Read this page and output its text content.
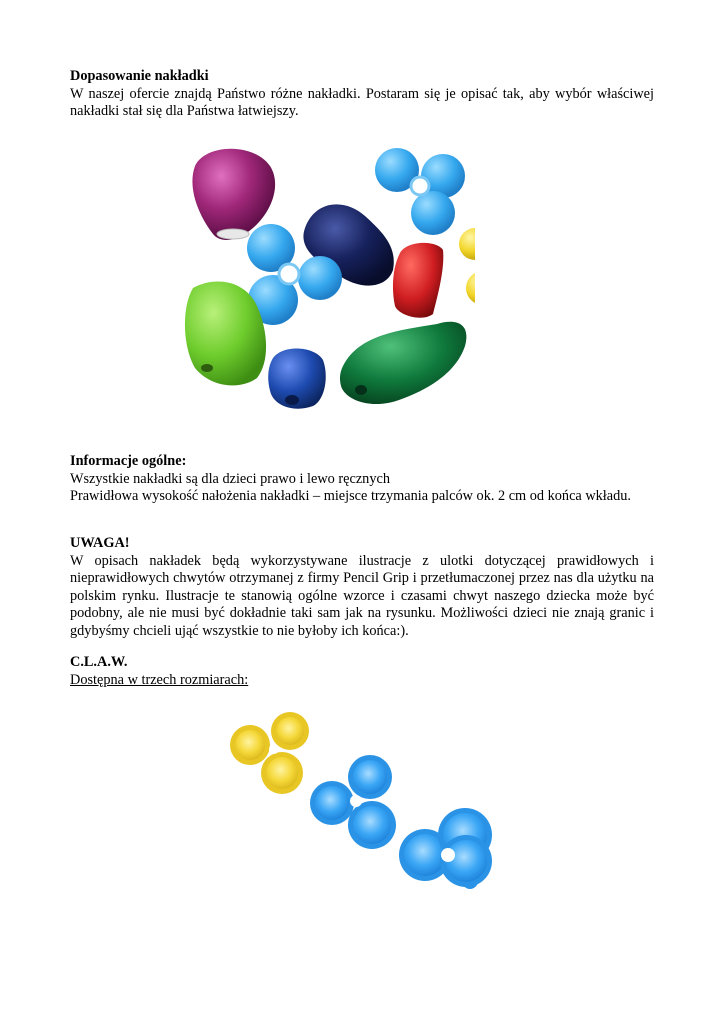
Dopasowanie nakładki

W naszej ofercie znajdą Państwo różne nakładki. Postaram się je opisać tak, aby wybór właściwej nakładki stał się dla Państwa łatwiejszy.

Informacje ogólne:

Wszystkie nakładki są dla dzieci prawo i lewo ręcznych

Prawidłowa wysokość nałożenia nakładki – miejsce trzymania palców ok. 2 cm od końca wkładu.

UWAGA!

W opisach nakładek będą wykorzystywane ilustracje z ulotki dotyczącej prawidłowych i nieprawidłowych chwytów otrzymanej z firmy Pencil Grip i przetłumaczonej przez nas dla użytku na polskim rynku. Ilustracje te stanowią ogólne wzorce i czasami chwyt naszego dziecka może być podobny, ale nie musi być dokładnie taki sam jak na rysunku. Możliwości dzieci nie znają granic i gdybyśmy chcieli ująć wszystkie to nie byłoby ich końca:).

C.L.A.W.

Dostępna w trzech rozmiarach:
